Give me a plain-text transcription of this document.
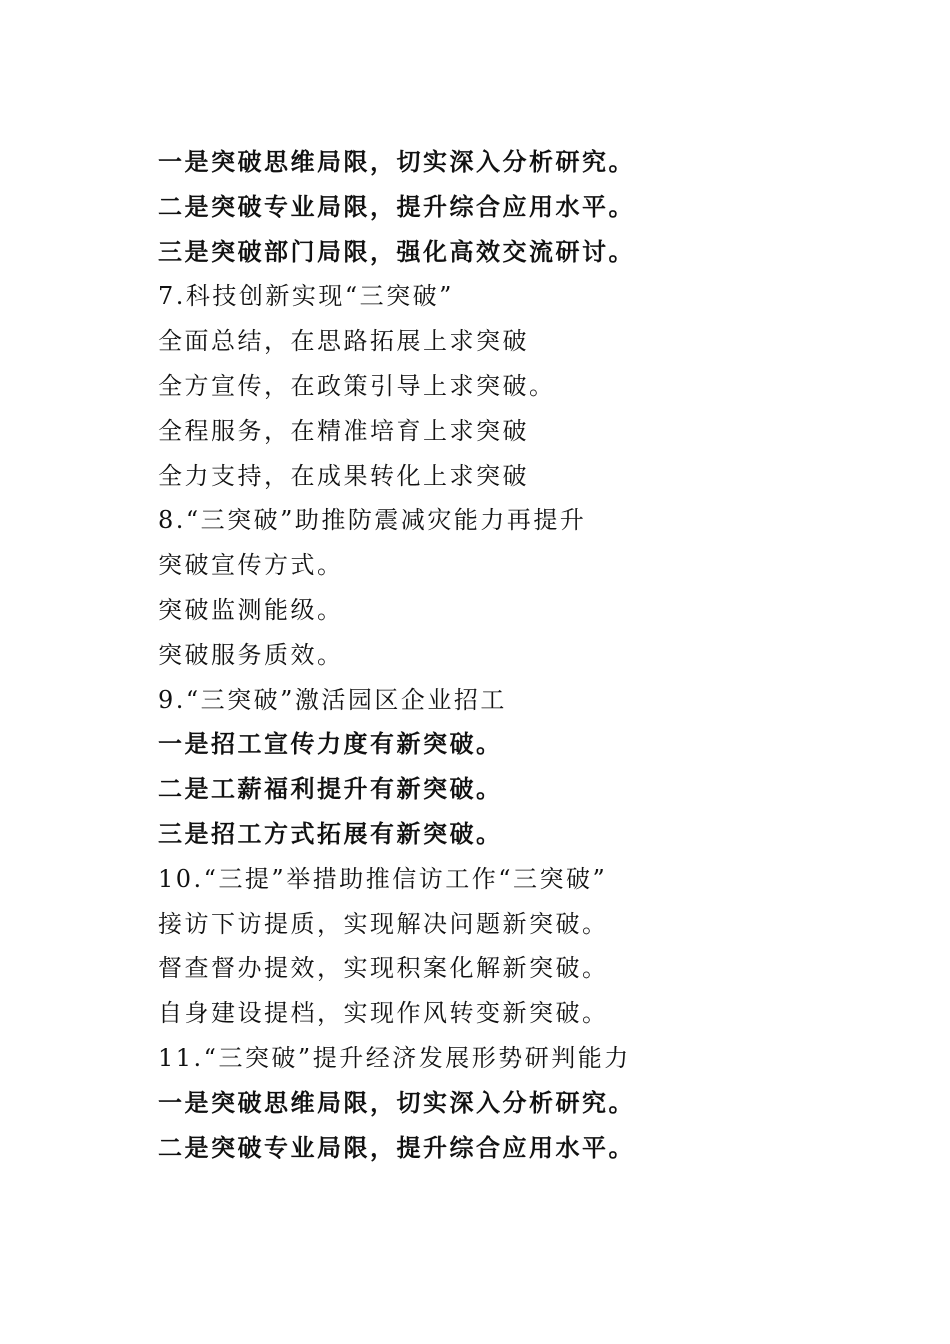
一是突破思维局限，切实深入分析研究。
二是突破专业局限，提升综合应用水平。
三是突破部门局限，强化高效交流研讨。
7.科技创新实现“三突破”
全面总结，在思路拓展上求突破
全方宣传，在政策引导上求突破。
全程服务，在精准培育上求突破
全力支持，在成果转化上求突破
8.“三突破”助推防震减灾能力再提升
突破宣传方式。
突破监测能级。
突破服务质效。
9.“三突破”激活园区企业招工
一是招工宣传力度有新突破。
二是工薪福利提升有新突破。
三是招工方式拓展有新突破。
10.“三提”举措助推信访工作“三突破”
接访下访提质，实现解决问题新突破。
督查督办提效，实现积案化解新突破。
自身建设提档，实现作风转变新突破。
11.“三突破”提升经济发展形势研判能力
一是突破思维局限，切实深入分析研究。
二是突破专业局限，提升综合应用水平。
